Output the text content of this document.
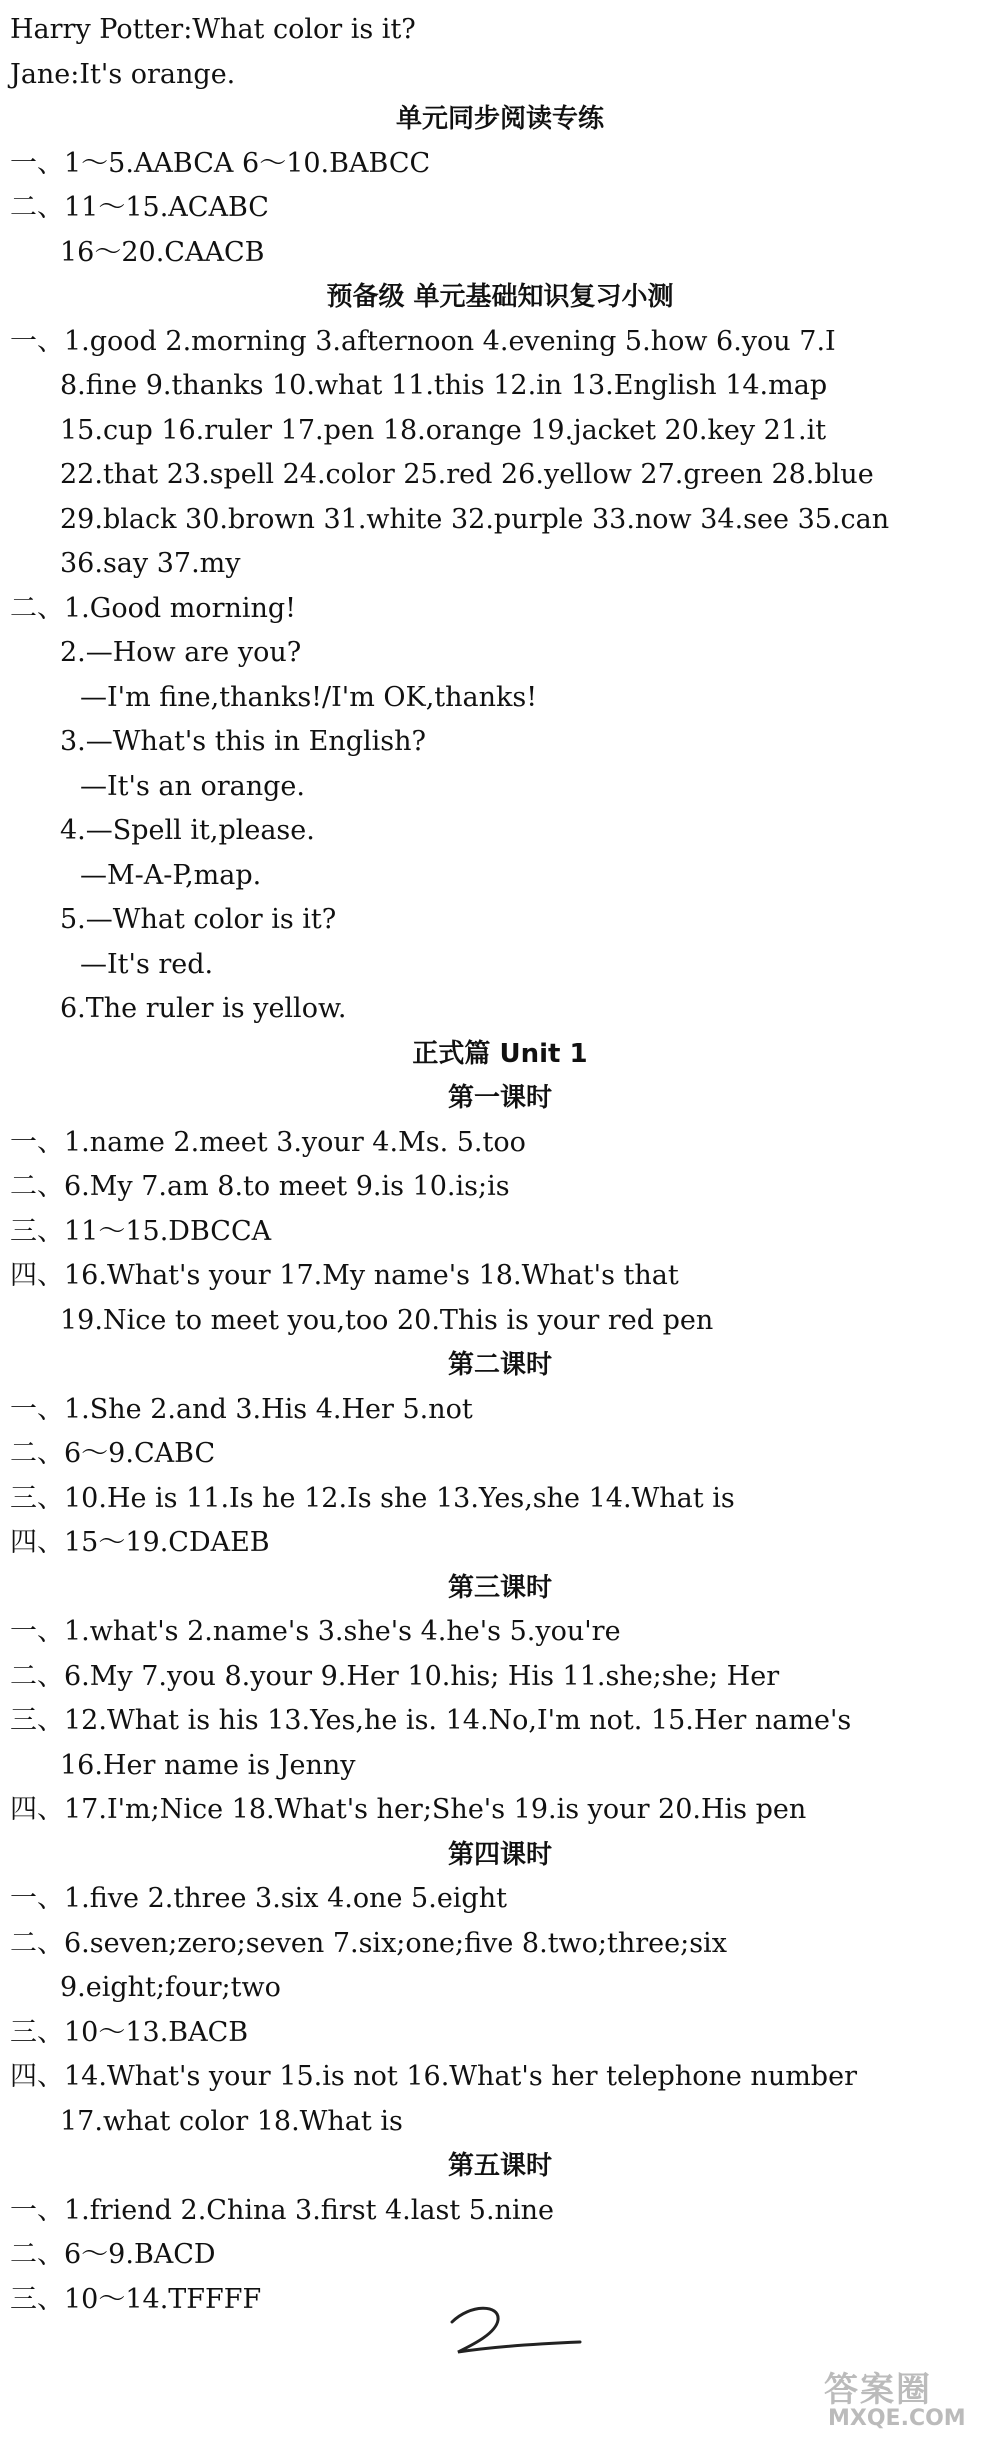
Harry Potter:What color is it?
Jane:It's orange.
单元同步阅读专练
一、1～5.AABCA 6～10.BABCC
二、11～15.ACABC
16～20.CAACB
预备级 单元基础知识复习小测
一、1.good 2.morning 3.afternoon 4.evening 5.how 6.you 7.I
8.fine 9.thanks 10.what 11.this 12.in 13.English 14.map
15.cup 16.ruler 17.pen 18.orange 19.jacket 20.key 21.it
22.that 23.spell 24.color 25.red 26.yellow 27.green 28.blue
29.black 30.brown 31.white 32.purple 33.now 34.see 35.can
36.say 37.my
二、1.Good morning!
2.—How are you?
—I'm fine,thanks!/I'm OK,thanks!
3.—What's this in English?
—It's an orange.
4.—Spell it,please.
—M-A-P,map.
5.—What color is it?
—It's red.
6.The ruler is yellow.
正式篇 Unit 1
第一课时
一、1.name 2.meet 3.your 4.Ms. 5.too
二、6.My 7.am 8.to meet 9.is 10.is;is
三、11～15.DBCCA
四、16.What's your 17.My name's 18.What's that
19.Nice to meet you,too 20.This is your red pen
第二课时
一、1.She 2.and 3.His 4.Her 5.not
二、6～9.CABC
三、10.He is 11.Is he 12.Is she 13.Yes,she 14.What is
四、15～19.CDAEB
第三课时
一、1.what's 2.name's 3.she's 4.he's 5.you're
二、6.My 7.you 8.your 9.Her 10.his; His 11.she;she; Her
三、12.What is his 13.Yes,he is. 14.No,I'm not. 15.Her name's
16.Her name is Jenny
四、17.I'm;Nice 18.What's her;She's 19.is your 20.His pen
第四课时
一、1.five 2.three 3.six 4.one 5.eight
二、6.seven;zero;seven 7.six;one;five 8.two;three;six
9.eight;four;two
三、10～13.BACB
四、14.What's your 15.is not 16.What's her telephone number
17.what color 18.What is
第五课时
一、1.friend 2.China 3.first 4.last 5.nine
二、6～9.BACD
三、10～14.TFFFF
答案圈
MXQE.COM
